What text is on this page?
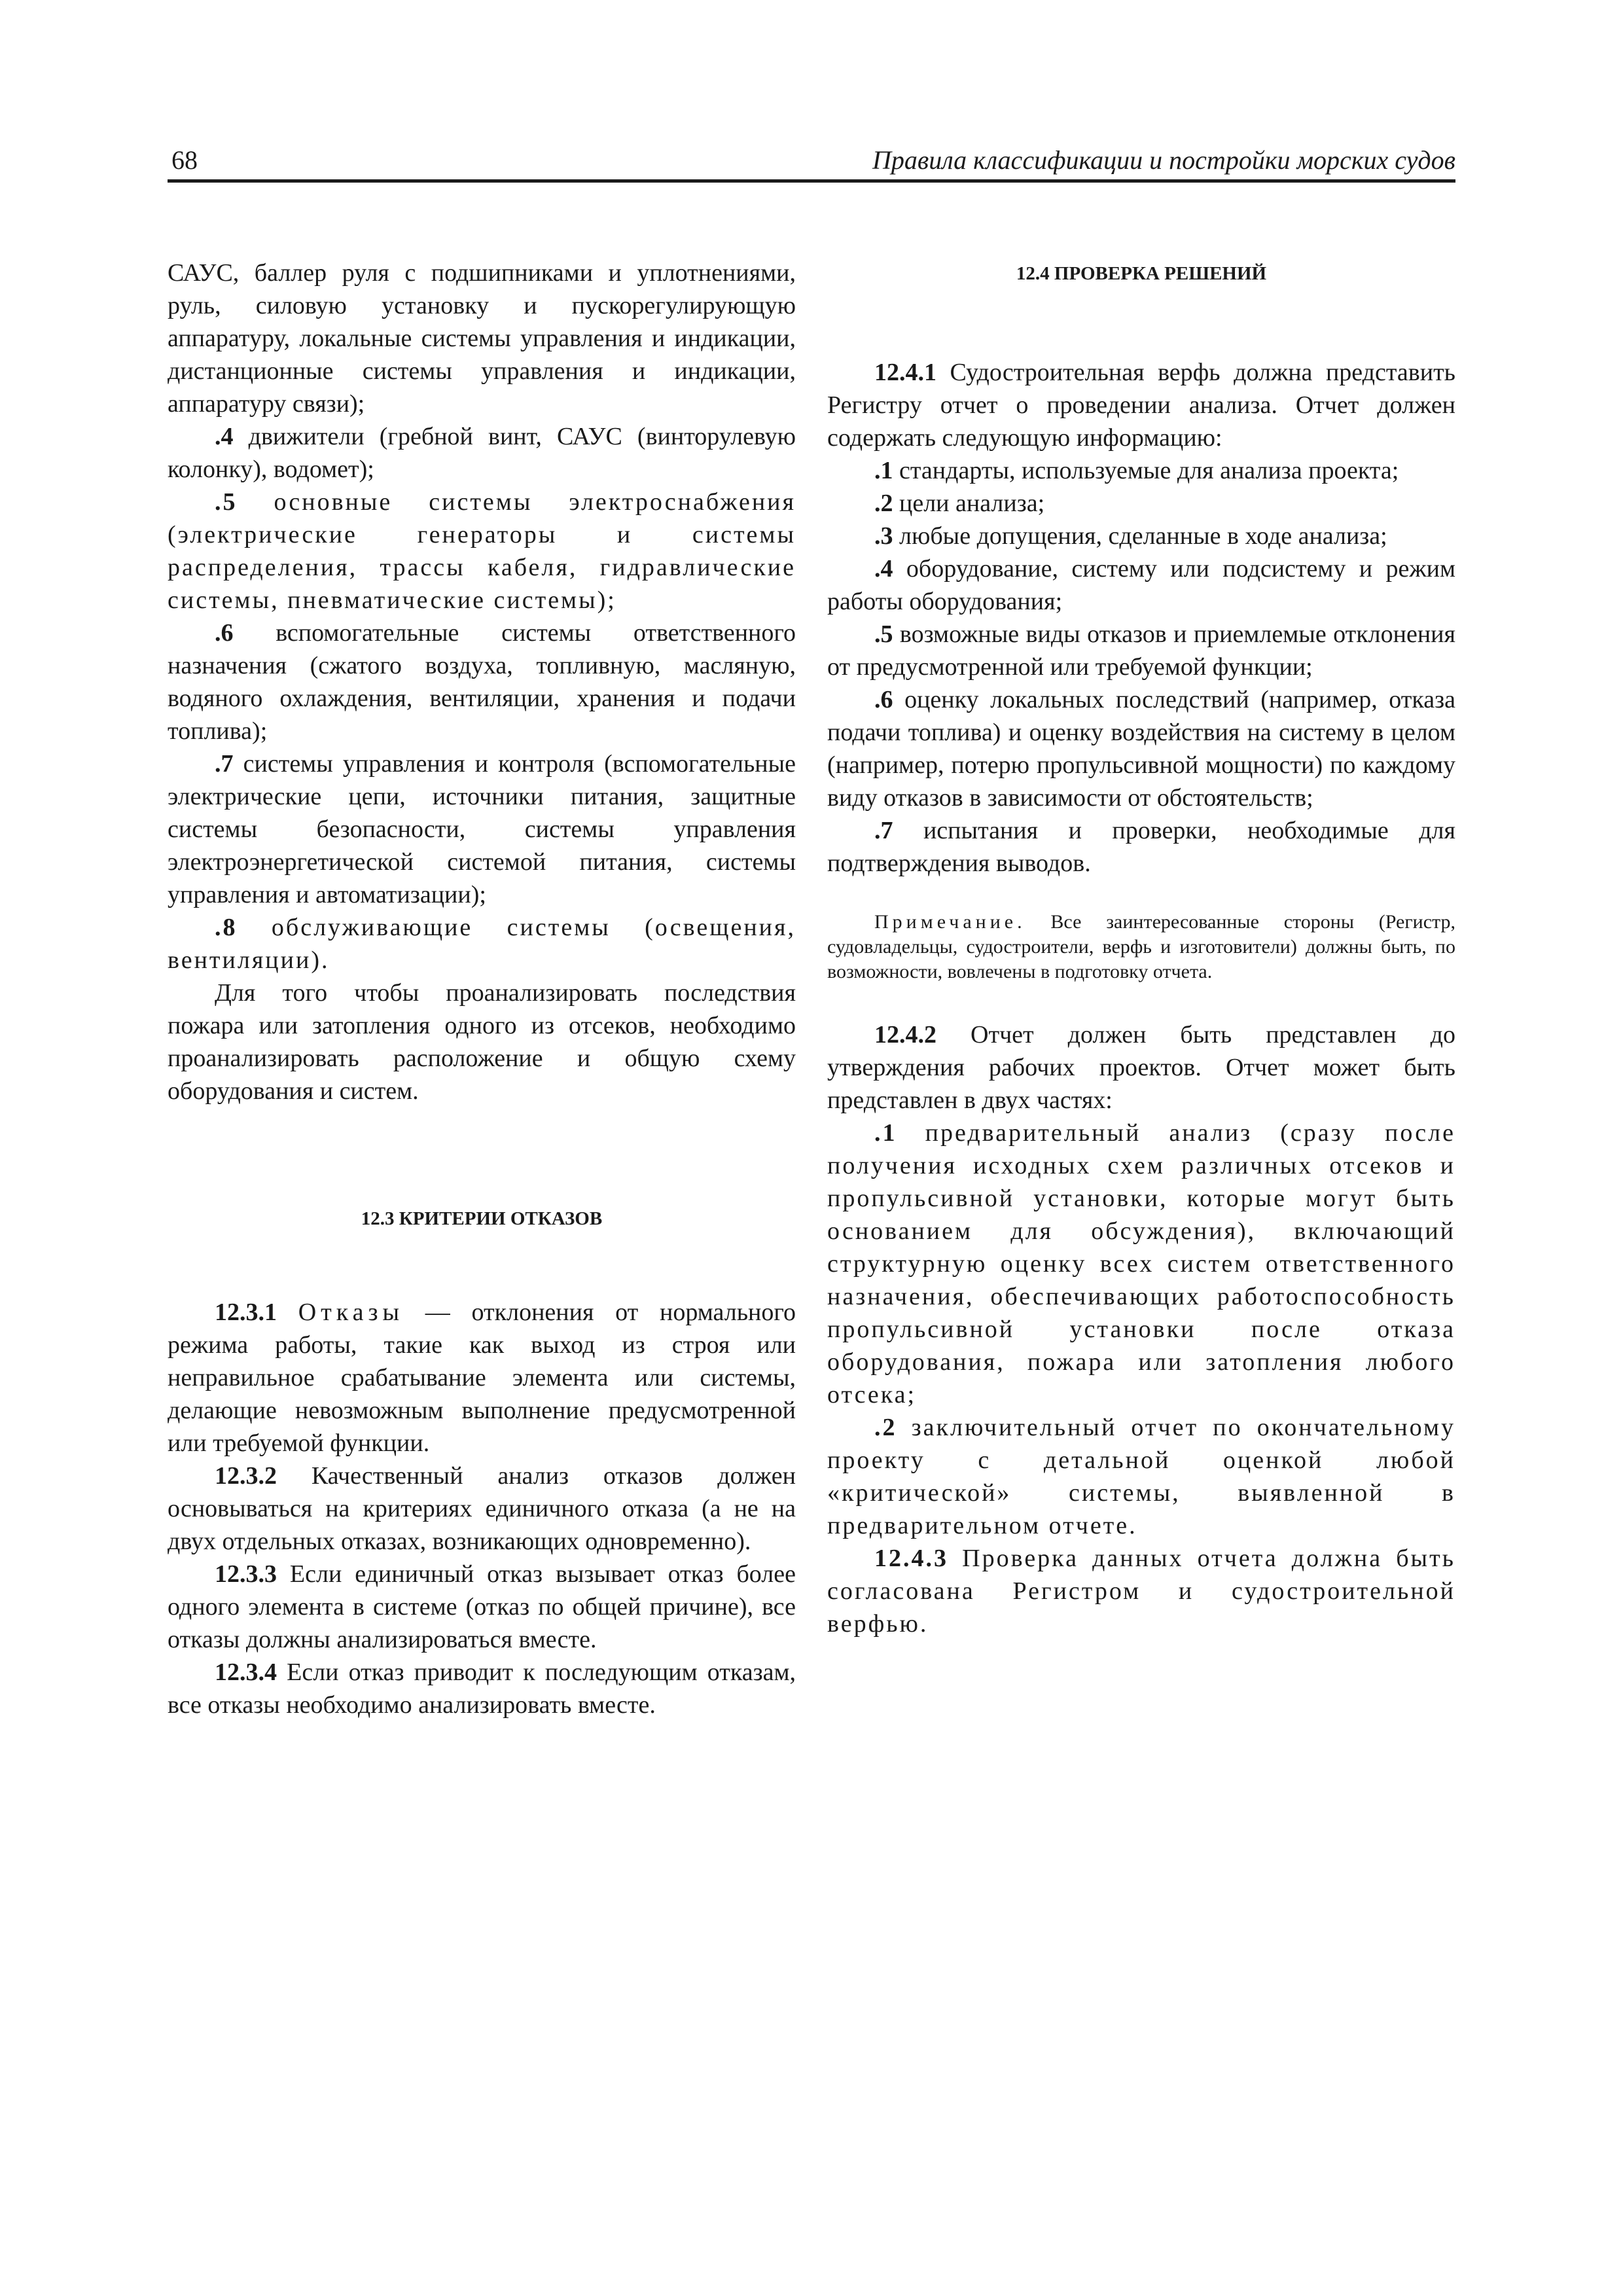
68	Правила классификации и постройки морских судов

САУС, баллер руля с подшипниками и уплотнениями, руль, силовую установку и пускорегулирующую аппаратуру, локальные системы управления и индикации, дистанционные системы управления и индикации, аппаратуру связи);

.4 движители (гребной винт, САУС (винторулевую колонку), водомет);

.5 основные системы электроснабжения (электрические генераторы и системы распределения, трассы кабеля, гидравлические системы, пневматические системы);

.6 вспомогательные системы ответственного назначения (сжатого воздуха, топливную, масляную, водяного охлаждения, вентиляции, хранения и подачи топлива);

.7 системы управления и контроля (вспомогательные электрические цепи, источники питания, защитные системы безопасности, системы управления электроэнергетической системой питания, системы управления и автоматизации);

.8 обслуживающие системы (освещения, вентиляции).

Для того чтобы проанализировать последствия пожара или затопления одного из отсеков, необходимо проанализировать расположение и общую схему оборудования и систем.

12.3 КРИТЕРИИ ОТКАЗОВ

12.3.1 Отказы — отклонения от нормального режима работы, такие как выход из строя или неправильное срабатывание элемента или системы, делающие невозможным выполнение предусмотренной или требуемой функции.

12.3.2 Качественный анализ отказов должен основываться на критериях единичного отказа (а не на двух отдельных отказах, возникающих одновременно).

12.3.3 Если единичный отказ вызывает отказ более одного элемента в системе (отказ по общей причине), все отказы должны анализироваться вместе.

12.3.4 Если отказ приводит к последующим отказам, все отказы необходимо анализировать вместе.

12.4 ПРОВЕРКА РЕШЕНИЙ

12.4.1 Судостроительная верфь должна представить Регистру отчет о проведении анализа. Отчет должен содержать следующую информацию:

.1 стандарты, используемые для анализа проекта;

.2 цели анализа;

.3 любые допущения, сделанные в ходе анализа;

.4 оборудование, систему или подсистему и режим работы оборудования;

.5 возможные виды отказов и приемлемые отклонения от предусмотренной или требуемой функции;

.6 оценку локальных последствий (например, отказа подачи топлива) и оценку воздействия на систему в целом (например, потерю пропульсивной мощности) по каждому виду отказов в зависимости от обстоятельств;

.7 испытания и проверки, необходимые для подтверждения выводов.

Примечание. Все заинтересованные стороны (Регистр, судовладельцы, судостроители, верфь и изготовители) должны быть, по возможности, вовлечены в подготовку отчета.

12.4.2 Отчет должен быть представлен до утверждения рабочих проектов. Отчет может быть представлен в двух частях:

.1 предварительный анализ (сразу после получения исходных схем различных отсеков и пропульсивной установки, которые могут быть основанием для обсуждения), включающий структурную оценку всех систем ответственного назначения, обеспечивающих работоспособность пропульсивной установки после отказа оборудования, пожара или затопления любого отсека;

.2 заключительный отчет по окончательному проекту с детальной оценкой любой «критической» системы, выявленной в предварительном отчете.

12.4.3 Проверка данных отчета должна быть согласована Регистром и судостроительной верфью.
